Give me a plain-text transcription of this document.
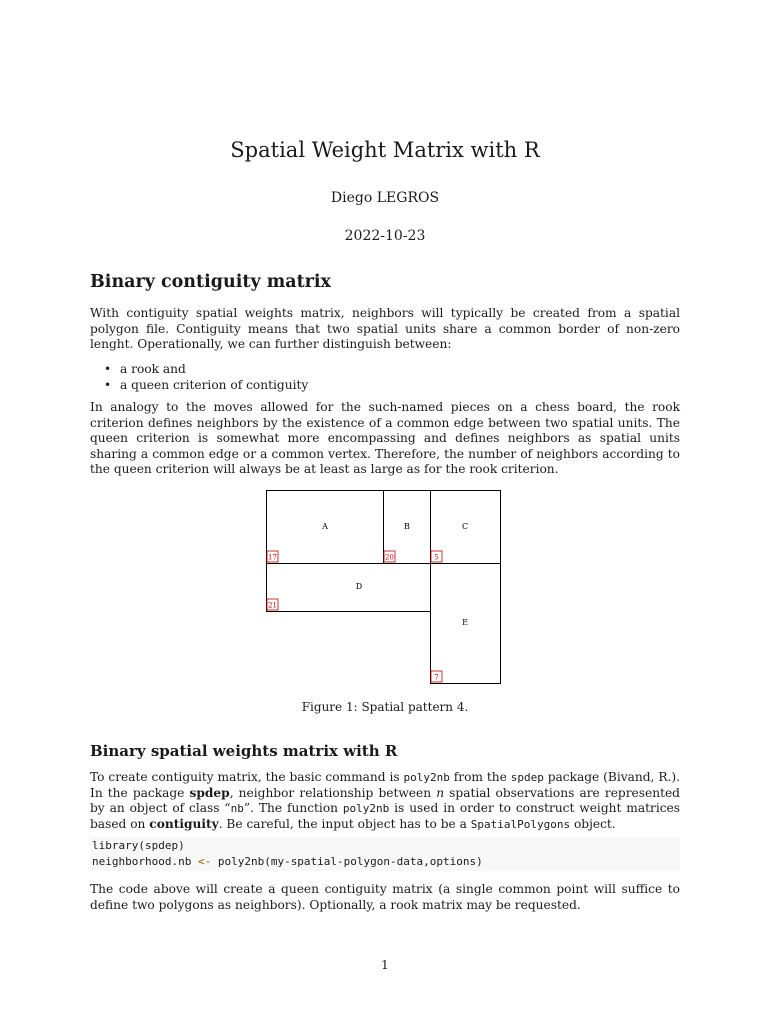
Spatial Weight Matrix with R
Diego LEGROS
2022-10-23
Binary contiguity matrix

With contiguity spatial weights matrix, neighbors will typically be created from a spatial polygon file. Contiguity means that two spatial units share a common border of non-zero lenght. Operationally, we can further distinguish between:

• a rook and
• a queen criterion of contiguity

In analogy to the moves allowed for the such-named pieces on a chess board, the rook criterion defines neighbors by the existence of a common edge between two spatial units. The queen criterion is somewhat more encompassing and defines neighbors as spatial units sharing a common edge or a common vertex. Therefore, the number of neighbors according to the queen criterion will always be at least as large as for the rook criterion.

A	B	C
D
E
17	20	5
21
7
Figure 1: Spatial pattern 4.
Binary spatial weights matrix with R

To create contiguity matrix, the basic command is poly2nb from the spdep package (Bivand, R.). In the package spdep, neighbor relationship between n spatial observations are represented by an object of class “nb”. The function poly2nb is used in order to construct weight matrices based on contiguity. Be careful, the input object has to be a SpatialPolygons object.

library(spdep)
neighborhood.nb <- poly2nb(my-spatial-polygon-data,options)

The code above will create a queen contiguity matrix (a single common point will suffice to define two polygons as neighbors). Optionally, a rook matrix may be requested.

1
